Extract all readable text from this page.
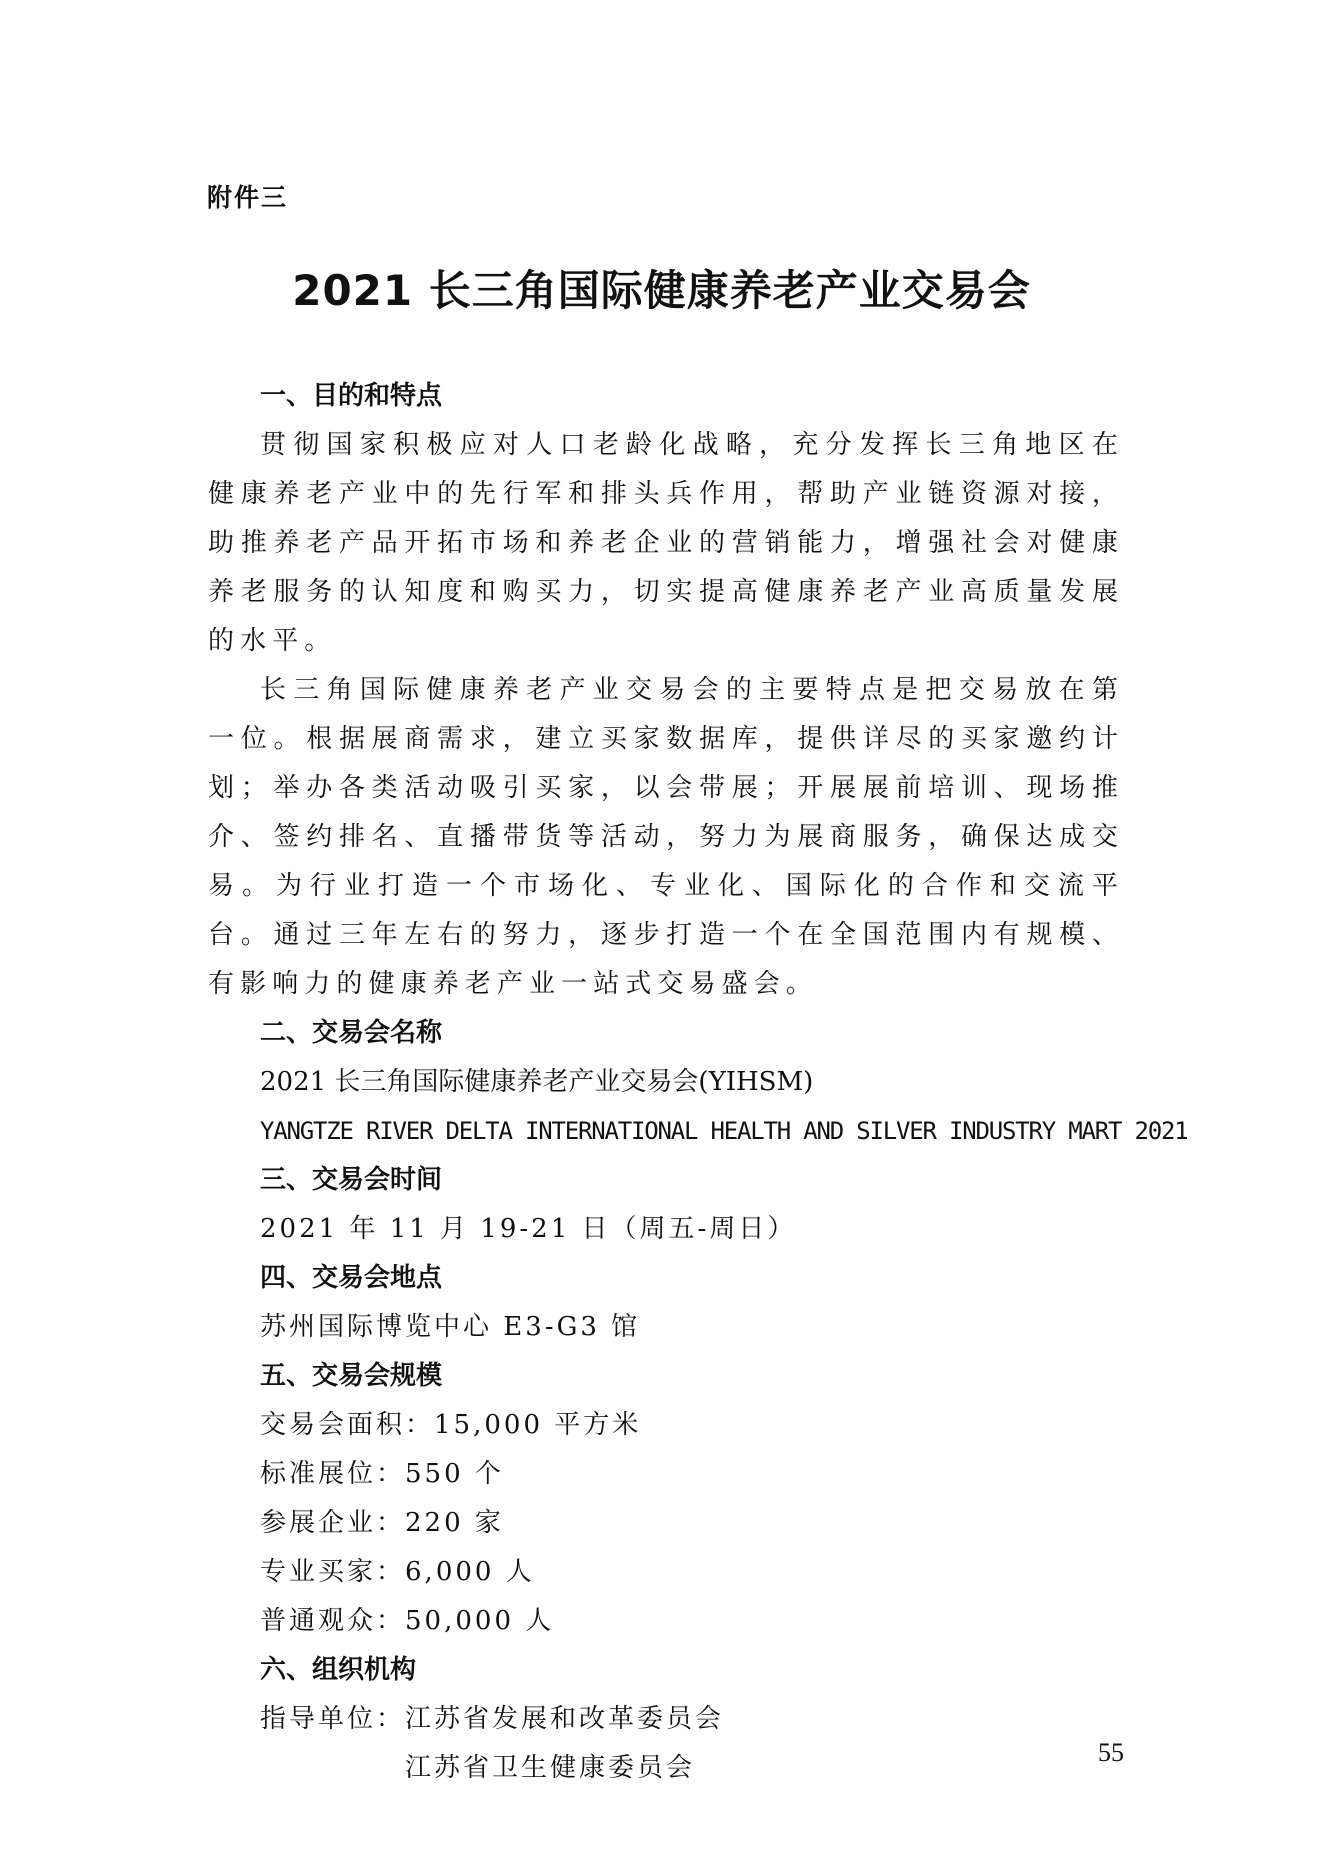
附件三
2021 长三角国际健康养老产业交易会
一、目的和特点

贯彻国家积极应对人口老龄化战略，充分发挥长三角地区在健康养老产业中的先行军和排头兵作用，帮助产业链资源对接，助推养老产品开拓市场和养老企业的营销能力，增强社会对健康养老服务的认知度和购买力，切实提高健康养老产业高质量发展的水平。

长三角国际健康养老产业交易会的主要特点是把交易放在第一位。根据展商需求，建立买家数据库，提供详尽的买家邀约计划；举办各类活动吸引买家，以会带展；开展展前培训、现场推介、签约排名、直播带货等活动，努力为展商服务，确保达成交易。为行业打造一个市场化、专业化、国际化的合作和交流平台。通过三年左右的努力，逐步打造一个在全国范围内有规模、有影响力的健康养老产业一站式交易盛会。

二、交易会名称

2021 长三角国际健康养老产业交易会(YIHSM)

YANGTZE RIVER DELTA INTERNATIONAL HEALTH AND SILVER INDUSTRY MART 2021

三、交易会时间

2021 年 11 月 19-21 日（周五-周日）

四、交易会地点

苏州国际博览中心 E3-G3 馆

五、交易会规模

交易会面积：15,000 平方米

标准展位：550 个

参展企业：220 家

专业买家：6,000 人

普通观众：50,000 人

六、组织机构
指导单位： 江苏省发展和改革委员会
江苏省卫生健康委员会
55
